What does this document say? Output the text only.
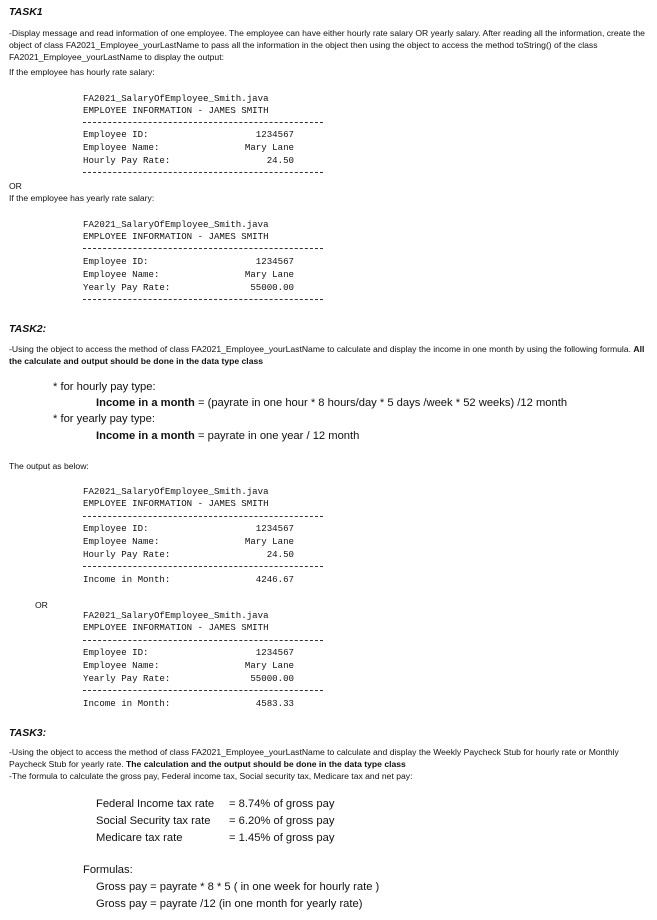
TASK1
-Display message and read information of one employee. The employee can have either hourly rate salary OR yearly salary. After reading all the information, create the object of class FA2021_Employee_yourLastName to pass all the information in the object then using the object to access the method toString() of the class FA2021_Employee_yourLastName to display the output:
If the employee has hourly rate salary:
FA2021_SalaryOfEmployee_Smith.java
EMPLOYEE INFORMATION - JAMES SMITH
Employee ID:	1234567
Employee Name:	Mary Lane
Hourly Pay Rate:	24.50
OR
If the employee has yearly rate salary:
FA2021_SalaryOfEmployee_Smith.java
EMPLOYEE INFORMATION - JAMES SMITH
Employee ID:	1234567
Employee Name:	Mary Lane
Yearly Pay Rate:	55000.00
TASK2:
-Using the object to access the method of class FA2021_Employee_yourLastName to calculate and display the income in one month by using the following formula. All the calculate and output should be done in the data type class
* for hourly pay type:
Income in a month = (payrate in one hour * 8 hours/day * 5 days /week * 52 weeks) /12 month
* for yearly pay type:
Income in a month = payrate in one year / 12 month
The output as below:
FA2021_SalaryOfEmployee_Smith.java
EMPLOYEE INFORMATION - JAMES SMITH
Employee ID:	1234567
Employee Name:	Mary Lane
Hourly Pay Rate:	24.50
Income in Month:	4246.67
OR
FA2021_SalaryOfEmployee_Smith.java
EMPLOYEE INFORMATION - JAMES SMITH
Employee ID:	1234567
Employee Name:	Mary Lane
Yearly Pay Rate:	55000.00
Income in Month:	4583.33
TASK3:
-Using the object to access the method of class FA2021_Employee_yourLastName to calculate and display the Weekly Paycheck Stub for hourly rate or Monthly Paycheck Stub for yearly rate. The calculation and the output should be done in the data type class
-The formula to calculate the gross pay, Federal income tax, Social security tax, Medicare tax and net pay:
Federal Income tax rate = 8.74% of gross pay
Social Security tax rate = 6.20% of gross pay
Medicare tax rate	= 1.45% of gross pay
Formulas:
Gross pay = payrate * 8 * 5 ( in one week for hourly rate )
Gross pay = payrate /12 (in one month for yearly rate)
